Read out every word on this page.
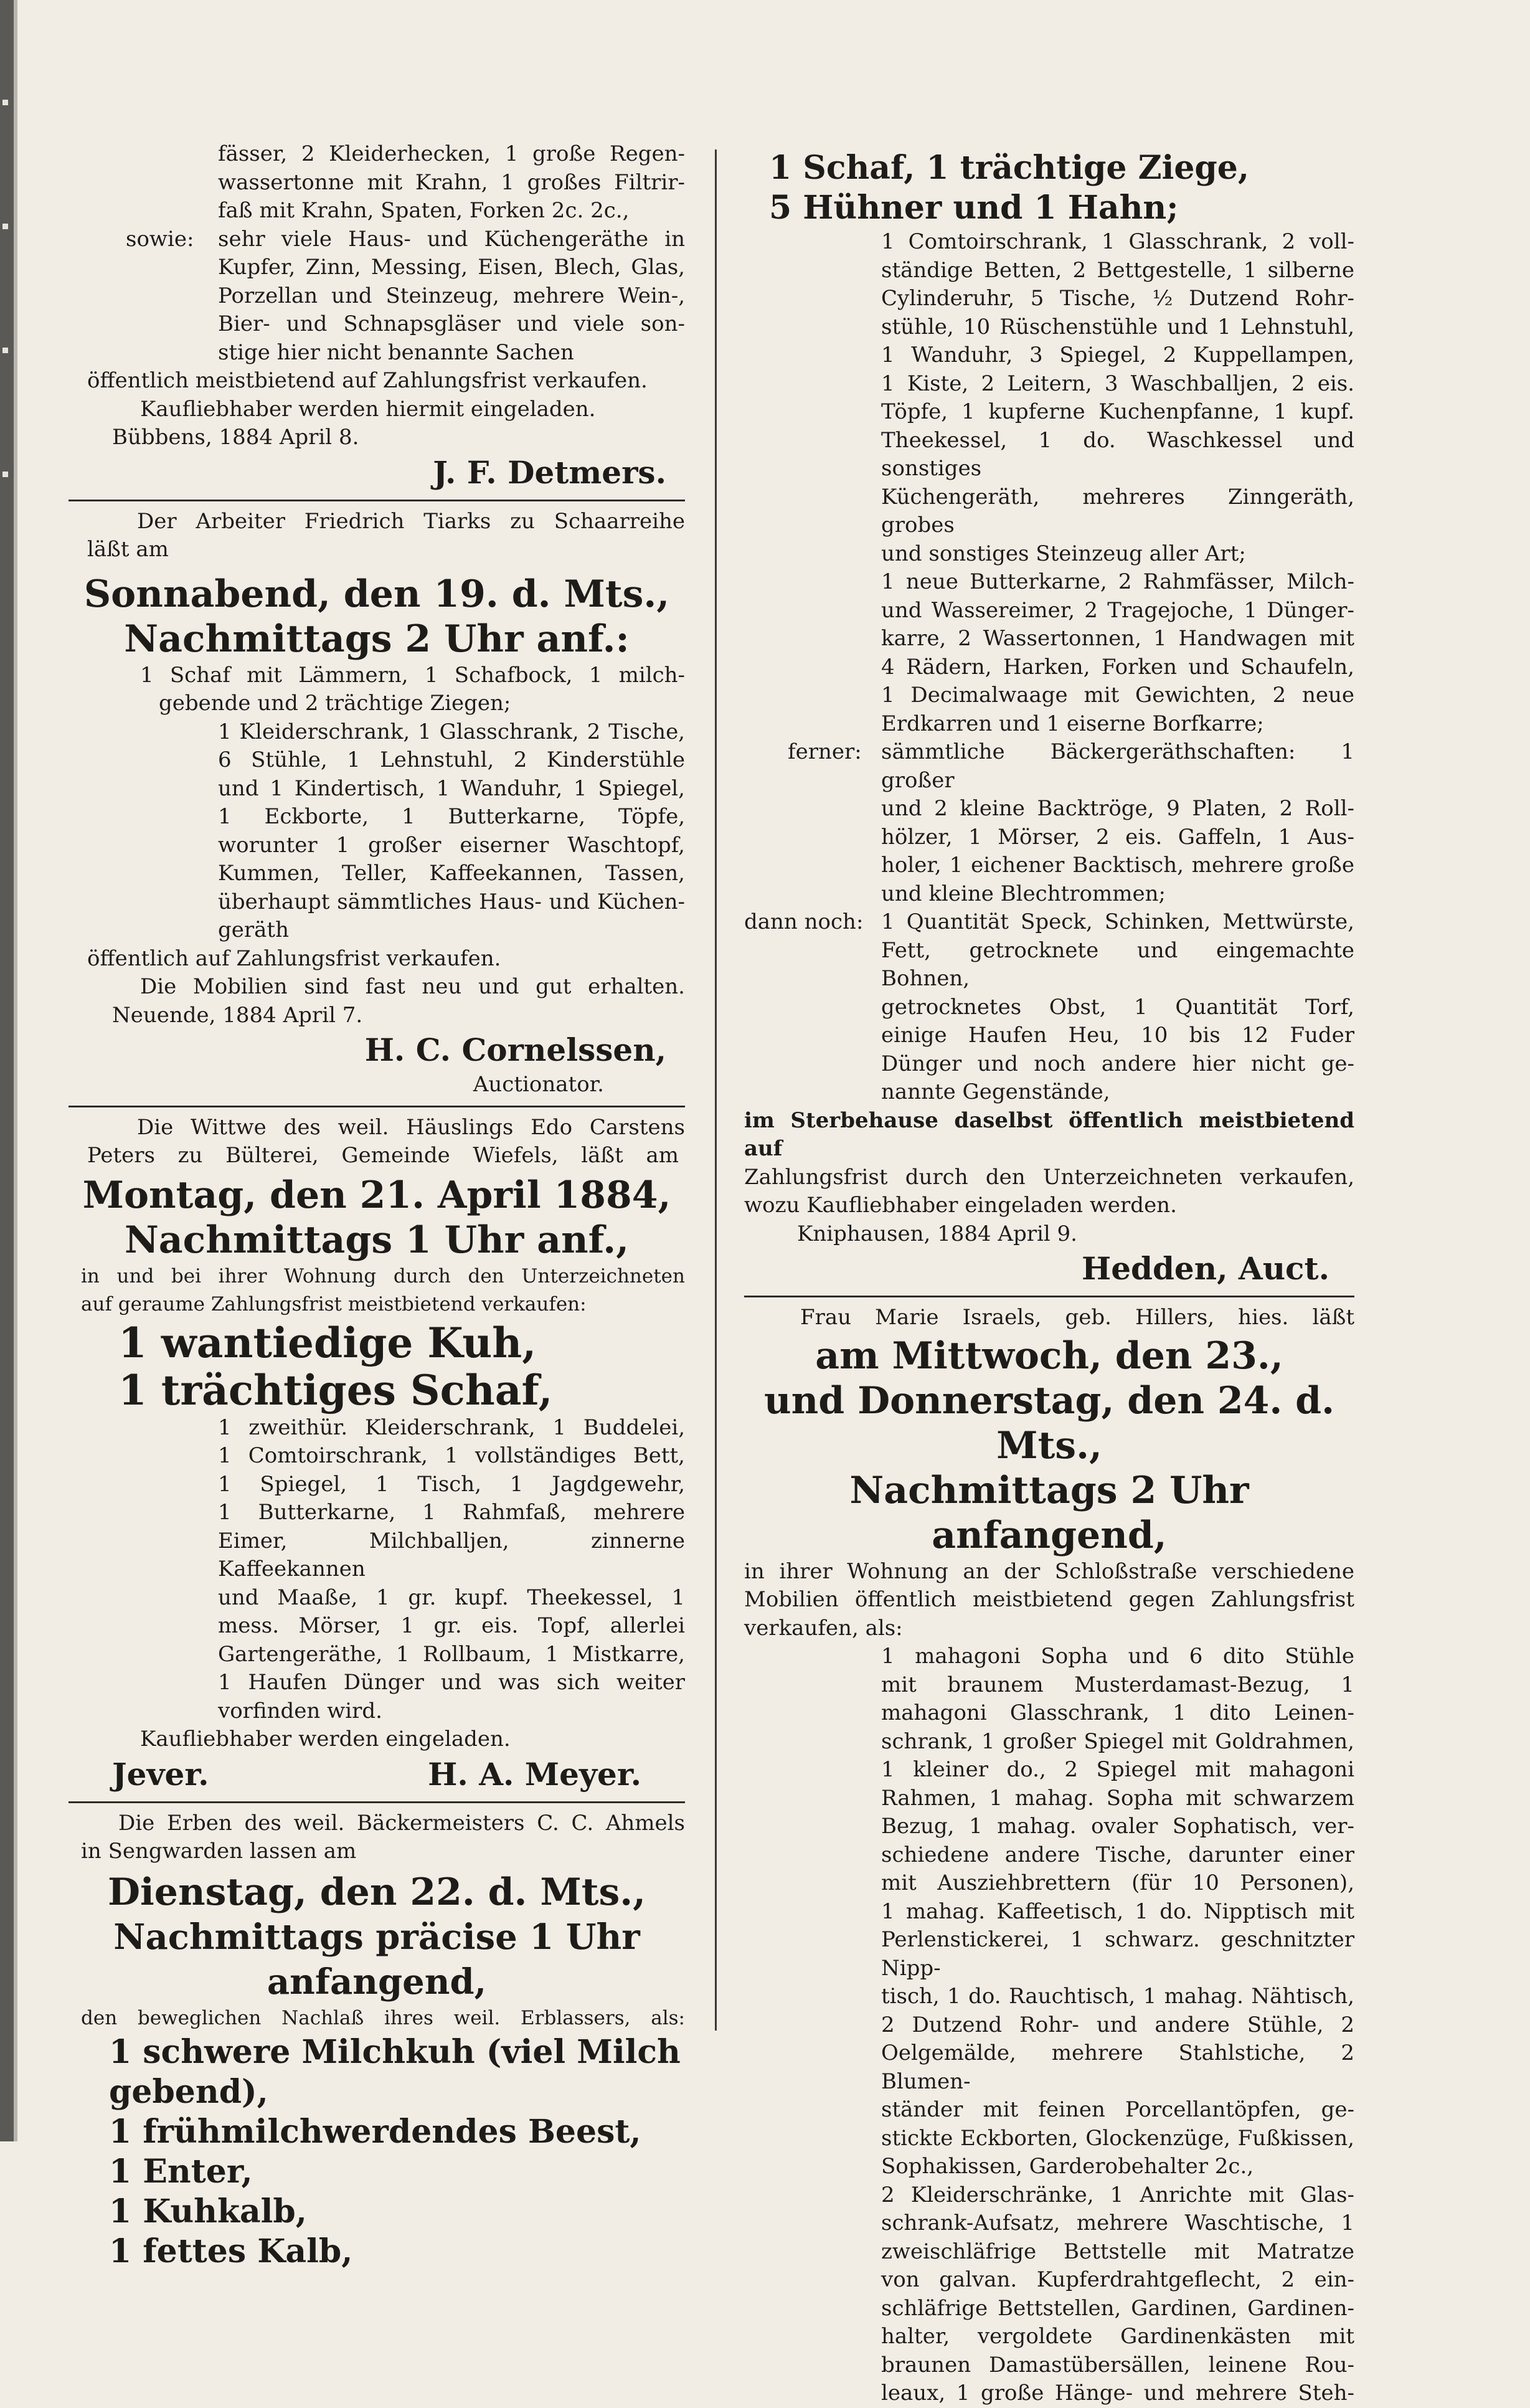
fässer, 2 Kleiderhecken, 1 große Regen-

wassertonne mit Krahn, 1 großes Filtrir-

faß mit Krahn, Spaten, Forken 2c. 2c.,

sowie:	sehr viele Haus- und Küchengeräthe in

Kupfer, Zinn, Messing, Eisen, Blech, Glas,

Porzellan und Steinzeug, mehrere Wein-,

Bier- und Schnapsgläser und viele son-

stige hier nicht benannte Sachen

öffentlich meistbietend auf Zahlungsfrist verkaufen.

Kaufliebhaber werden hiermit eingeladen.

Bübbens, 1884 April 8.

J. F. Detmers.

Der Arbeiter Friedrich Tiarks zu Schaarreihe

läßt am

Sonnabend, den 19. d. Mts.,

Nachmittags 2 Uhr anf.:

1 Schaf mit Lämmern, 1 Schafbock, 1 milch-

gebende und 2 trächtige Ziegen;

1 Kleiderschrank, 1 Glasschrank, 2 Tische,

6 Stühle, 1 Lehnstuhl, 2 Kinderstühle

und 1 Kindertisch, 1 Wanduhr, 1 Spiegel,

1 Eckborte, 1 Butterkarne, Töpfe,

worunter 1 großer eiserner Waschtopf,

Kummen, Teller, Kaffeekannen, Tassen,

überhaupt sämmtliches Haus- und Küchen-

geräth

öffentlich auf Zahlungsfrist verkaufen.

Die Mobilien sind fast neu und gut erhalten.

Neuende, 1884 April 7.

H. C. Cornelssen,

Auctionator.

Die Wittwe des weil. Häuslings Edo Carstens

Peters zu Bülterei, Gemeinde Wiefels, läßt am

Montag, den 21. April 1884,

Nachmittags 1 Uhr anf.,

in und bei ihrer Wohnung durch den Unterzeichneten

auf geraume Zahlungsfrist meistbietend verkaufen:

1 wantiedige Kuh,

1 trächtiges Schaf,

1 zweithür. Kleiderschrank, 1 Buddelei,

1 Comtoirschrank, 1 vollständiges Bett,

1 Spiegel, 1 Tisch, 1 Jagdgewehr,

1 Butterkarne, 1 Rahmfaß, mehrere

Eimer, Milchballjen, zinnerne Kaffeekannen

und Maaße, 1 gr. kupf. Theekessel, 1

mess. Mörser, 1 gr. eis. Topf, allerlei

Gartengeräthe, 1 Rollbaum, 1 Mistkarre,

1 Haufen Dünger und was sich weiter

vorfinden wird.

Kaufliebhaber werden eingeladen.

Jever.	H. A. Meyer.

Die Erben des weil. Bäckermeisters C. C. Ahmels

in Sengwarden lassen am

Dienstag, den 22. d. Mts.,

Nachmittags präcise 1 Uhr anfangend,

den beweglichen Nachlaß ihres weil. Erblassers, als:

1 schwere Milchkuh (viel Milch gebend),

1 frühmilchwerdendes Beest,

1 Enter,

1 Kuhkalb,

1 fettes Kalb,

1 Schaf, 1 trächtige Ziege,

5 Hühner und 1 Hahn;

1 Comtoirschrank, 1 Glasschrank, 2 voll-

ständige Betten, 2 Bettgestelle, 1 silberne

Cylinderuhr, 5 Tische, ½ Dutzend Rohr-

stühle, 10 Rüschenstühle und 1 Lehnstuhl,

1 Wanduhr, 3 Spiegel, 2 Kuppellampen,

1 Kiste, 2 Leitern, 3 Waschballjen, 2 eis.

Töpfe, 1 kupferne Kuchenpfanne, 1 kupf.

Theekessel, 1 do. Waschkessel und sonstiges

Küchengeräth, mehreres Zinngeräth, grobes

und sonstiges Steinzeug aller Art;

1 neue Butterkarne, 2 Rahmfässer, Milch-

und Wassereimer, 2 Tragejoche, 1 Dünger-

karre, 2 Wassertonnen, 1 Handwagen mit

4 Rädern, Harken, Forken und Schaufeln,

1 Decimalwaage mit Gewichten, 2 neue

Erdkarren und 1 eiserne Borfkarre;

ferner: sämmtliche Bäckergeräthschaften: 1 großer

und 2 kleine Backtröge, 9 Platen, 2 Roll-

hölzer, 1 Mörser, 2 eis. Gaffeln, 1 Aus-

holer, 1 eichener Backtisch, mehrere große

und kleine Blechtrommen;

dann noch: 1 Quantität Speck, Schinken, Mettwürste,

Fett, getrocknete und eingemachte Bohnen,

getrocknetes Obst, 1 Quantität Torf,

einige Haufen Heu, 10 bis 12 Fuder

Dünger und noch andere hier nicht ge-

nannte Gegenstände,

im Sterbehause daselbst öffentlich meistbietend auf

Zahlungsfrist durch den Unterzeichneten verkaufen,

wozu Kaufliebhaber eingeladen werden.

Kniphausen, 1884 April 9.

Hedden, Auct.

Frau Marie Israels, geb. Hillers, hies. läßt

am Mittwoch, den 23.,

und Donnerstag, den 24. d. Mts.,

Nachmittags 2 Uhr anfangend,

in ihrer Wohnung an der Schloßstraße verschiedene

Mobilien öffentlich meistbietend gegen Zahlungsfrist

verkaufen, als:

1 mahagoni Sopha und 6 dito Stühle

mit braunem Musterdamast-Bezug, 1

mahagoni Glasschrank, 1 dito Leinen-

schrank, 1 großer Spiegel mit Goldrahmen,

1 kleiner do., 2 Spiegel mit mahagoni

Rahmen, 1 mahag. Sopha mit schwarzem

Bezug, 1 mahag. ovaler Sophatisch, ver-

schiedene andere Tische, darunter einer

mit Ausziehbrettern (für 10 Personen),

1 mahag. Kaffeetisch, 1 do. Nipptisch mit

Perlenstickerei, 1 schwarz. geschnitzter Nipp-

tisch, 1 do. Rauchtisch, 1 mahag. Nähtisch,

2 Dutzend Rohr- und andere Stühle, 2

Oelgemälde, mehrere Stahlstiche, 2 Blumen-

ständer mit feinen Porcellantöpfen, ge-

stickte Eckborten, Glockenzüge, Fußkissen,

Sophakissen, Garderobehalter 2c.,

2 Kleiderschränke, 1 Anrichte mit Glas-

schrank-Aufsatz, mehrere Waschtische, 1

zweischläfrige Bettstelle mit Matratze

von galvan. Kupferdrahtgeflecht, 2 ein-

schläfrige Bettstellen, Gardinen, Gardinen-

halter, vergoldete Gardinenkästen mit

braunen Damastübersällen, leinene Rou-

leaux, 1 große Hänge- und mehrere Steh-
